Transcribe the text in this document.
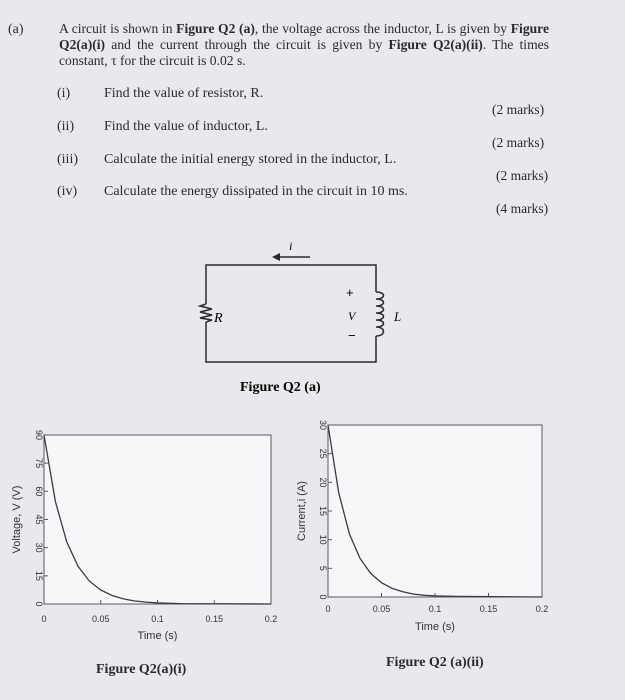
(a)	A circuit is shown in Figure Q2 (a), the voltage across the inductor, L is given by Figure Q2(a)(i) and the current through the circuit is given by Figure Q2(a)(ii). The times constant, τ for the circuit is 0.02 s.
(i) Find the value of resistor, R.
(2 marks)
(ii) Find the value of inductor, L.
(2 marks)
(iii) Calculate the initial energy stored in the inductor, L.
(2 marks)
(iv) Calculate the energy dissipated in the circuit in 10 ms.
(4 marks)
i
R
+
V
−
L
Figure Q2 (a)
0	0.05	0.1	0.15	0.2
0
15
30
45
60
75
90
Time (s)
Voltage, V (V)
0	0.05	0.1	0.15	0.2
0
5
10
15
20
25
30
Time (s)
Current,i (A)
Figure Q2(a)(i)	Figure Q2 (a)(ii)
